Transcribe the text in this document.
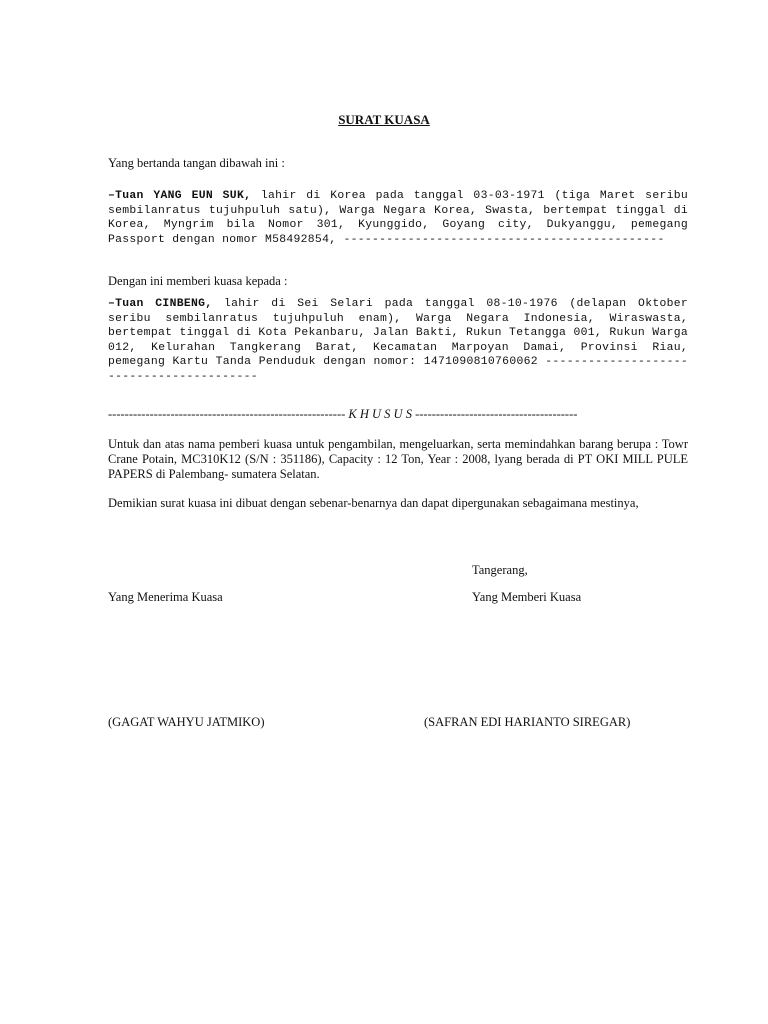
SURAT KUASA
Yang bertanda tangan dibawah ini :
–Tuan YANG EUN SUK, lahir di Korea pada tanggal 03-03-1971 (tiga Maret seribu sembilanratus tujuhpuluh satu), Warga Negara Korea, Swasta, bertempat tinggal di Korea, Myngrim bila Nomor 301, Kyunggido, Goyang city, Dukyanggu, pemegang Passport dengan nomor M58492854, ---------------------------------------------
Dengan ini memberi kuasa kepada :
–Tuan CINBENG, lahir di Sei Selari pada tanggal 08-10-1976 (delapan Oktober seribu sembilanratus tujuhpuluh enam), Warga Negara Indonesia, Wiraswasta, bertempat tinggal di Kota Pekanbaru, Jalan Bakti, Rukun Tetangga 001, Rukun Warga 012, Kelurahan Tangkerang Barat, Kecamatan Marpoyan Damai, Provinsi Riau, pemegang Kartu Tanda Penduduk dengan nomor: 1471090810760062 -----------------------------------------
--------------------------------------------------------- K H U S U S ---------------------------------------
Untuk dan atas nama pemberi kuasa untuk pengambilan, mengeluarkan, serta memindahkan barang berupa : Towr Crane Potain, MC310K12 (S/N : 351186), Capacity : 12 Ton, Year : 2008, lyang berada di PT OKI MILL PULE PAPERS di Palembang- sumatera Selatan.
Demikian surat kuasa ini dibuat dengan sebenar-benarnya dan dapat dipergunakan sebagaimana mestinya,
Tangerang,
Yang Menerima Kuasa	Yang Memberi Kuasa
(GAGAT WAHYU JATMIKO)	(SAFRAN EDI HARIANTO SIREGAR)
